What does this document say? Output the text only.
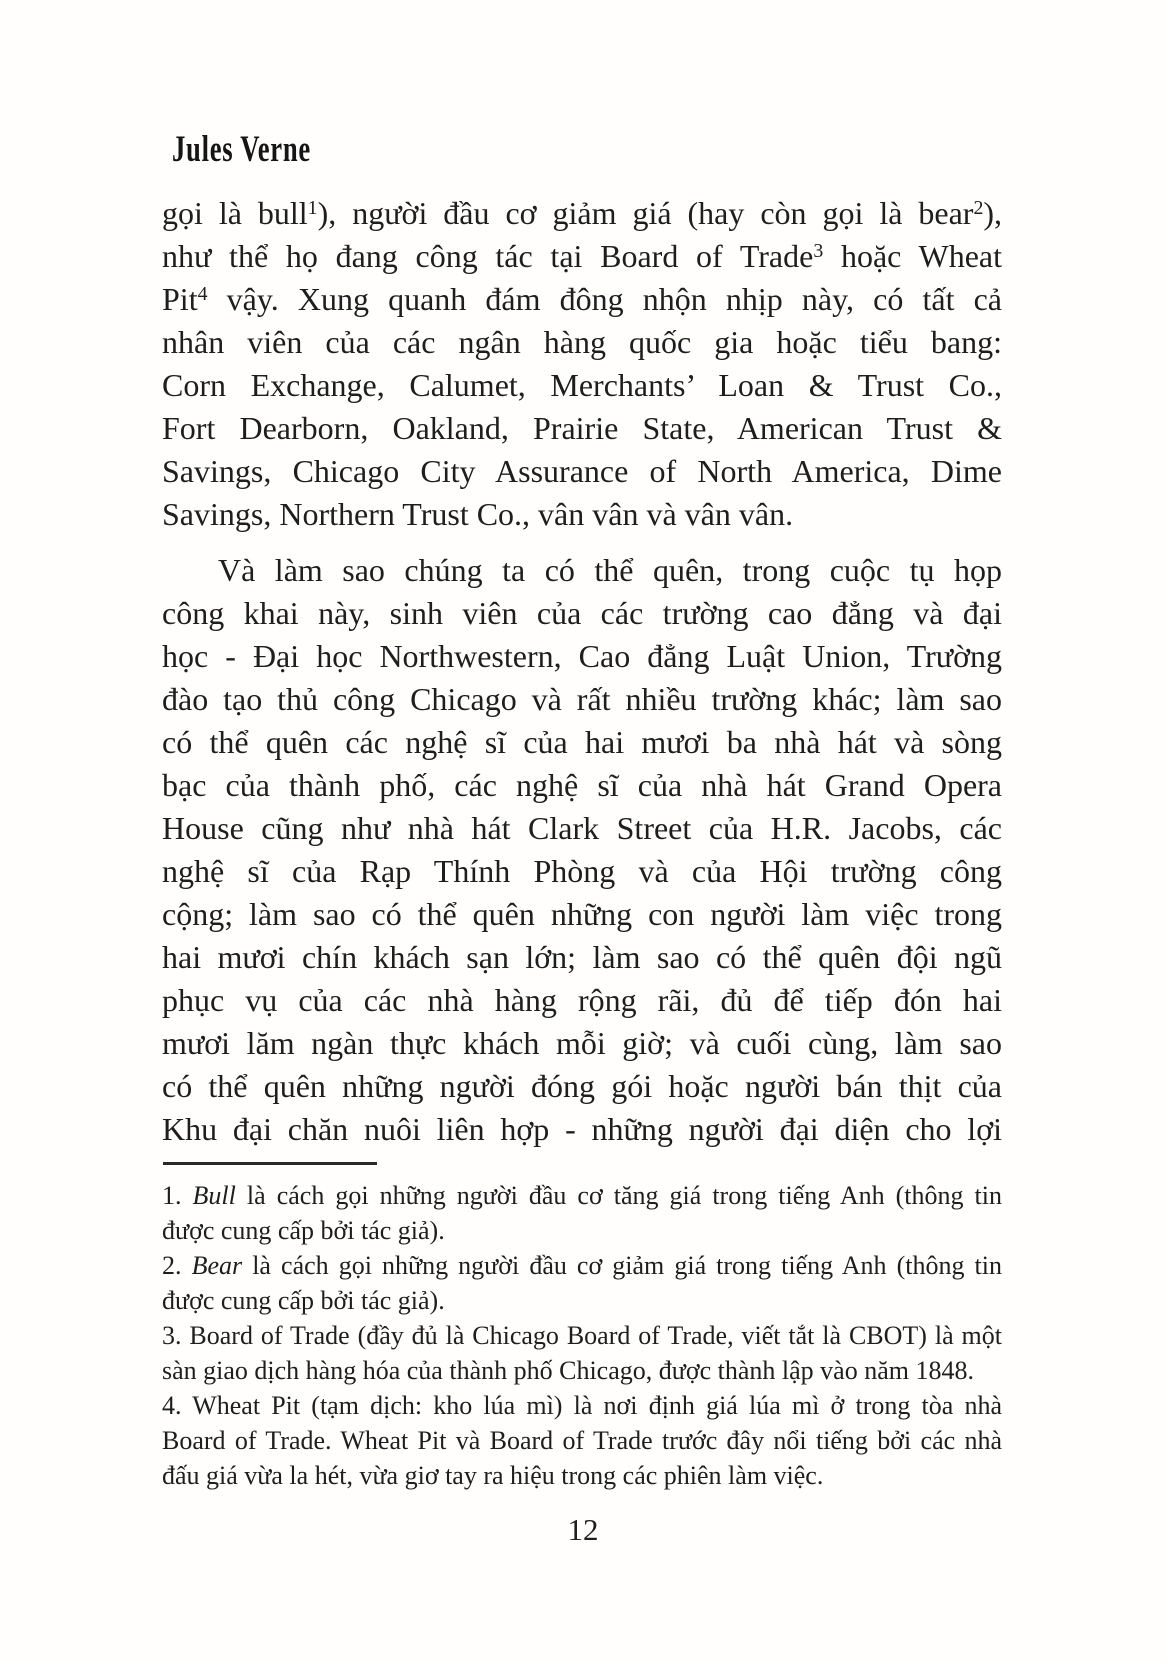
Jules Verne
gọi là bull$^1$), người đầu cơ giảm giá (hay còn gọi là bear$^2$),
như thể họ đang công tác tại Board of Trade$^3$ hoặc Wheat
Pit$^4$ vậy. Xung quanh đám đông nhộn nhịp này, có tất cả
nhân viên của các ngân hàng quốc gia hoặc tiểu bang:
Corn Exchange, Calumet, Merchants’ Loan & Trust Co.,
Fort Dearborn, Oakland, Prairie State, American Trust &
Savings, Chicago City Assurance of North America, Dime
Savings, Northern Trust Co., vân vân và vân vân.
Và làm sao chúng ta có thể quên, trong cuộc tụ họp
công khai này, sinh viên của các trường cao đẳng và đại
học - Đại học Northwestern, Cao đẳng Luật Union, Trường
đào tạo thủ công Chicago và rất nhiều trường khác; làm sao
có thể quên các nghệ sĩ của hai mươi ba nhà hát và sòng
bạc của thành phố, các nghệ sĩ của nhà hát Grand Opera
House cũng như nhà hát Clark Street của H.R. Jacobs, các
nghệ sĩ của Rạp Thính Phòng và của Hội trường công
cộng; làm sao có thể quên những con người làm việc trong
hai mươi chín khách sạn lớn; làm sao có thể quên đội ngũ
phục vụ của các nhà hàng rộng rãi, đủ để tiếp đón hai
mươi lăm ngàn thực khách mỗi giờ; và cuối cùng, làm sao
có thể quên những người đóng gói hoặc người bán thịt của
Khu đại chăn nuôi liên hợp - những người đại diện cho lợi
1. Bull là cách gọi những người đầu cơ tăng giá trong tiếng Anh (thông tin
được cung cấp bởi tác giả).
2. Bear là cách gọi những người đầu cơ giảm giá trong tiếng Anh (thông tin
được cung cấp bởi tác giả).
3. Board of Trade (đầy đủ là Chicago Board of Trade, viết tắt là CBOT) là một
sàn giao dịch hàng hóa của thành phố Chicago, được thành lập vào năm 1848.
4. Wheat Pit (tạm dịch: kho lúa mì) là nơi định giá lúa mì ở trong tòa nhà
Board of Trade. Wheat Pit và Board of Trade trước đây nổi tiếng bởi các nhà
đấu giá vừa la hét, vừa giơ tay ra hiệu trong các phiên làm việc.
12
